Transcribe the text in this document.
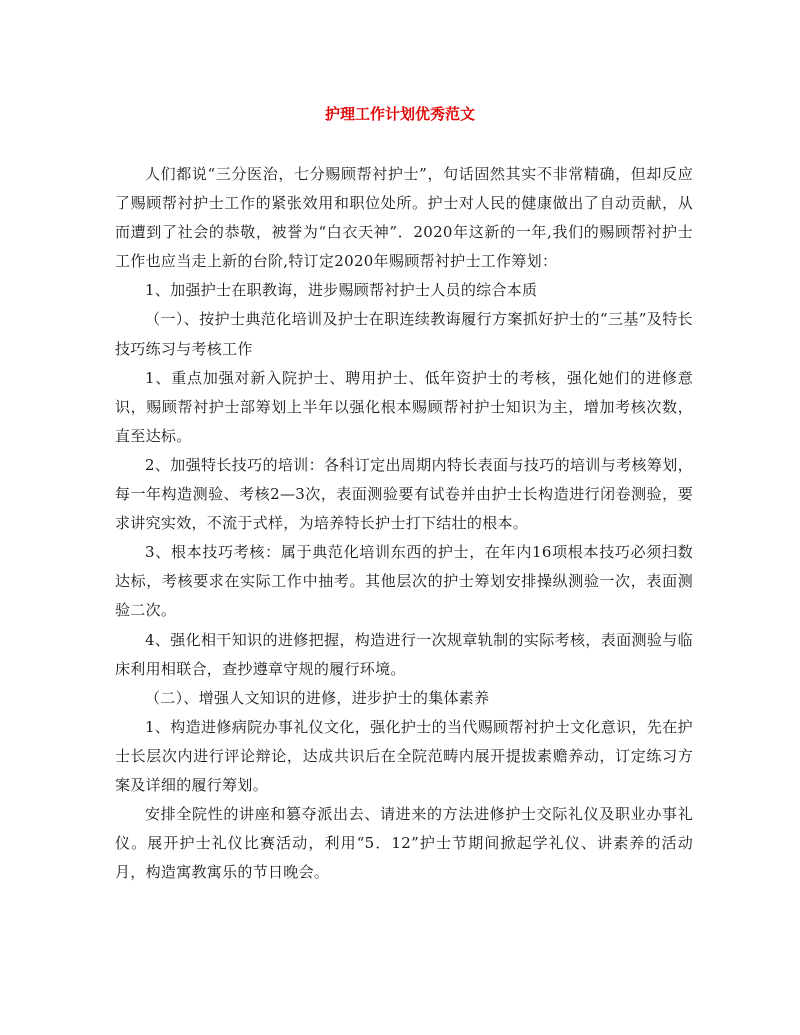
护理工作计划优秀范文

人们都说“三分医治，七分赐顾帮衬护士”，句话固然其实不非常精确，但却反应了赐顾帮衬护士工作的紧张效用和职位处所。护士对人民的健康做出了自动贡献，从而遭到了社会的恭敬，被誉为“白衣天神”．2020年这新的一年,我们的赐顾帮衬护士工作也应当走上新的台阶,特订定2020年赐顾帮衬护士工作筹划：

1、加强护士在职教诲，进步赐顾帮衬护士人员的综合本质

（一）、按护士典范化培训及护士在职连续教诲履行方案抓好护士的“三基”及特长技巧练习与考核工作

1、重点加强对新入院护士、聘用护士、低年资护士的考核，强化她们的进修意识，赐顾帮衬护士部筹划上半年以强化根本赐顾帮衬护士知识为主，增加考核次数，直至达标。

2、加强特长技巧的培训：各科订定出周期内特长表面与技巧的培训与考核筹划，每一年构造测验、考核2—3次，表面测验要有试卷并由护士长构造进行闭卷测验，要求讲究实效，不流于式样，为培养特长护士打下结壮的根本。

3、根本技巧考核：属于典范化培训东西的护士，在年内16项根本技巧必须扫数达标，考核要求在实际工作中抽考。其他层次的护士筹划安排操纵测验一次，表面测验二次。

4、强化相干知识的进修把握，构造进行一次规章轨制的实际考核，表面测验与临床利用相联合，查抄遵章守规的履行环境。

（二）、增强人文知识的进修，进步护士的集体素养

1、构造进修病院办事礼仪文化，强化护士的当代赐顾帮衬护士文化意识，先在护士长层次内进行评论辩论，达成共识后在全院范畴内展开提拔素赡养动，订定练习方案及详细的履行筹划。

安排全院性的讲座和篡夺派出去、请进来的方法进修护士交际礼仪及职业办事礼仪。展开护士礼仪比赛活动，利用“5．12”护士节期间掀起学礼仪、讲素养的活动月，构造寓教寓乐的节日晚会。
